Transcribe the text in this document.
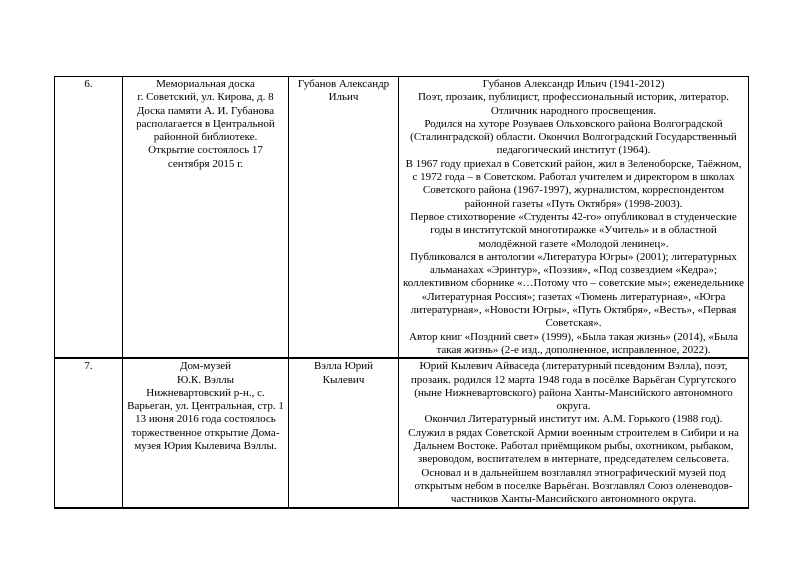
6.	Мемориальная доска
г. Советский, ул. Кирова, д. 8
Доска памяти А. И. Губанова располагается в Центральной районной библиотеке.
Открытие состоялось 17 сентября 2015 г.

Губанов Александр Ильич

Губанов Александр Ильич (1941-2012)
Поэт, прозаик, публицист, профессиональный историк, литератор.
Отличник народного просвещения.
Родился на хуторе Розуваев Ольховского района Волгоградской (Сталинградской) области. Окончил Волгоградский Государственный педагогический институт (1964).
В 1967 году приехал в Советский район, жил в Зеленоборске, Таёжном, с 1972 года – в Советском. Работал учителем и директором в школах Советского района (1967-1997), журналистом, корреспондентом районной газеты «Путь Октября» (1998-2003).
Первое стихотворение «Студенты 42-го» опубликовал в студенческие годы в институтской многотиражке «Учитель» и в областной молодёжной газете «Молодой ленинец».
Публиковался в антологии «Литература Югры» (2001); литературных альманахах «Эринтур», «Поэзия», «Под созвездием «Кедра»; коллективном сборнике «…Потому что – советские мы»; еженедельнике «Литературная Россия»; газетах «Тюмень литературная», «Югра литературная», «Новости Югры», «Путь Октября», «Весть», «Первая Советская».
Автор книг «Поздний свет» (1999), «Была такая жизнь» (2014), «Была такая жизнь» (2-е изд., дополненное, исправленное, 2022).

7.	Дом-музей
Ю.К. Вэллы
Нижневартовский р-н., с. Варьеган, ул. Центральная, стр. 1
13 июня 2016 года состоялось торжественное открытие Дома-музея Юрия Кылевича Вэллы.

Вэлла Юрий Кылевич

Юрий Кылевич Айваседа (литературный псевдоним Вэлла), поэт, прозаик. родился 12 марта 1948 года в посёлке Варьёган Сургутского (ныне Нижневартовского) района Ханты-Мансийского автономного округа.
Окончил Литературный институт им. А.М. Горького (1988 год).
Служил в рядах Советской Армии военным строителем в Сибири и на Дальнем Востоке. Работал приёмщиком рыбы, охотником, рыбаком, звероводом, воспитателем в интернате, председателем сельсовета. Основал и в дальнейшем возглавлял этнографический музей под открытым небом в поселке Варьёган. Возглавлял Союз оленеводов-частников Ханты-Мансийского автономного округа.
